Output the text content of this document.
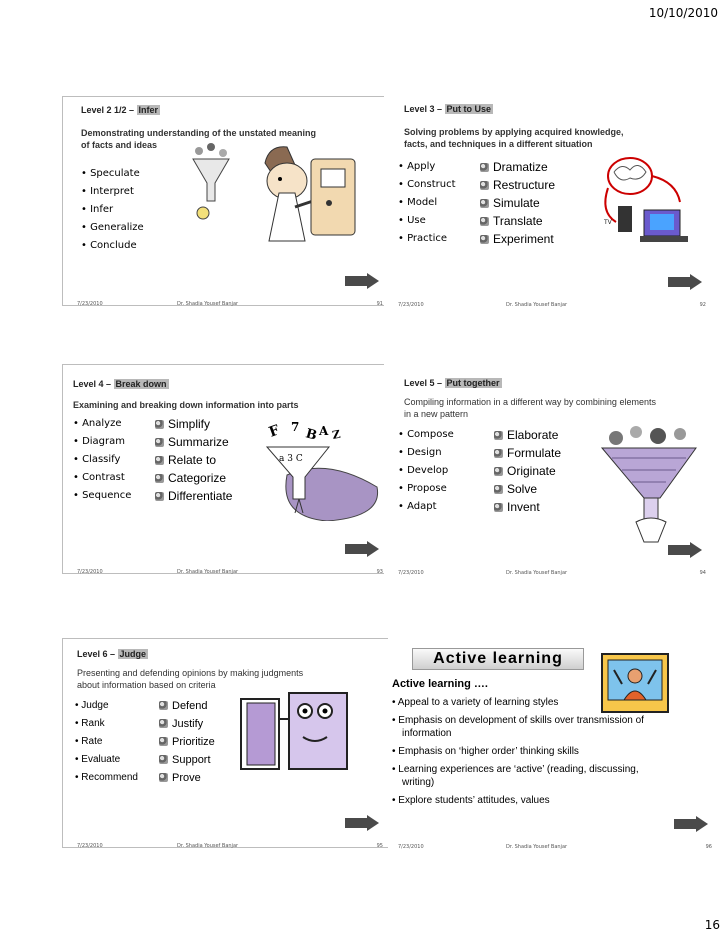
10/10/2010
Level 2 1/2 – Infer
Demonstrating understanding of the unstated meaning
of facts and ideas
• Speculate
• Interpret
• Infer
• Generalize
• Conclude
7/23/2010	Dr. Shadia Yousef Banjar	91
Level 3 – Put to Use
Solving problems by applying acquired knowledge,
facts, and techniques in a different situation
• Apply
• Construct
• Model
• Use
• Practice
Dramatize
Restructure
Simulate
Translate
Experiment
TV
7/23/2010	Dr. Shadia Yousef Banjar	92
Level 4 – Break down
Examining and breaking down information into parts
• Analyze
• Diagram
• Classify
• Contrast
• Sequence
Simplify
Summarize
Relate to
Categorize
Differentiate
F 7 B A Z
a 3 C
7/23/2010	Dr. Shadia Yousef Banjar	93
Level 5 – Put together
Compiling information in a different way by combining elements
in a new pattern
• Compose
• Design
• Develop
• Propose
• Adapt
Elaborate
Formulate
Originate
Solve
Invent
7/23/2010	Dr. Shadia Yousef Banjar	94
Level 6 – Judge
Presenting and defending opinions by making judgments
about information based on criteria
• Judge
• Rank
• Rate
• Evaluate
• Recommend
Defend
Justify
Prioritize
Support
Prove
7/23/2010	Dr. Shadia Yousef Banjar	95
Active learning
Active learning ….
• Appeal to a variety of learning styles
• Emphasis on development of skills over transmission of information
• Emphasis on ‘higher order’ thinking skills
• Learning experiences are ‘active’ (reading, discussing, writing)
• Explore students’ attitudes, values
7/23/2010	Dr. Shadia Yousef Banjar	96
16
